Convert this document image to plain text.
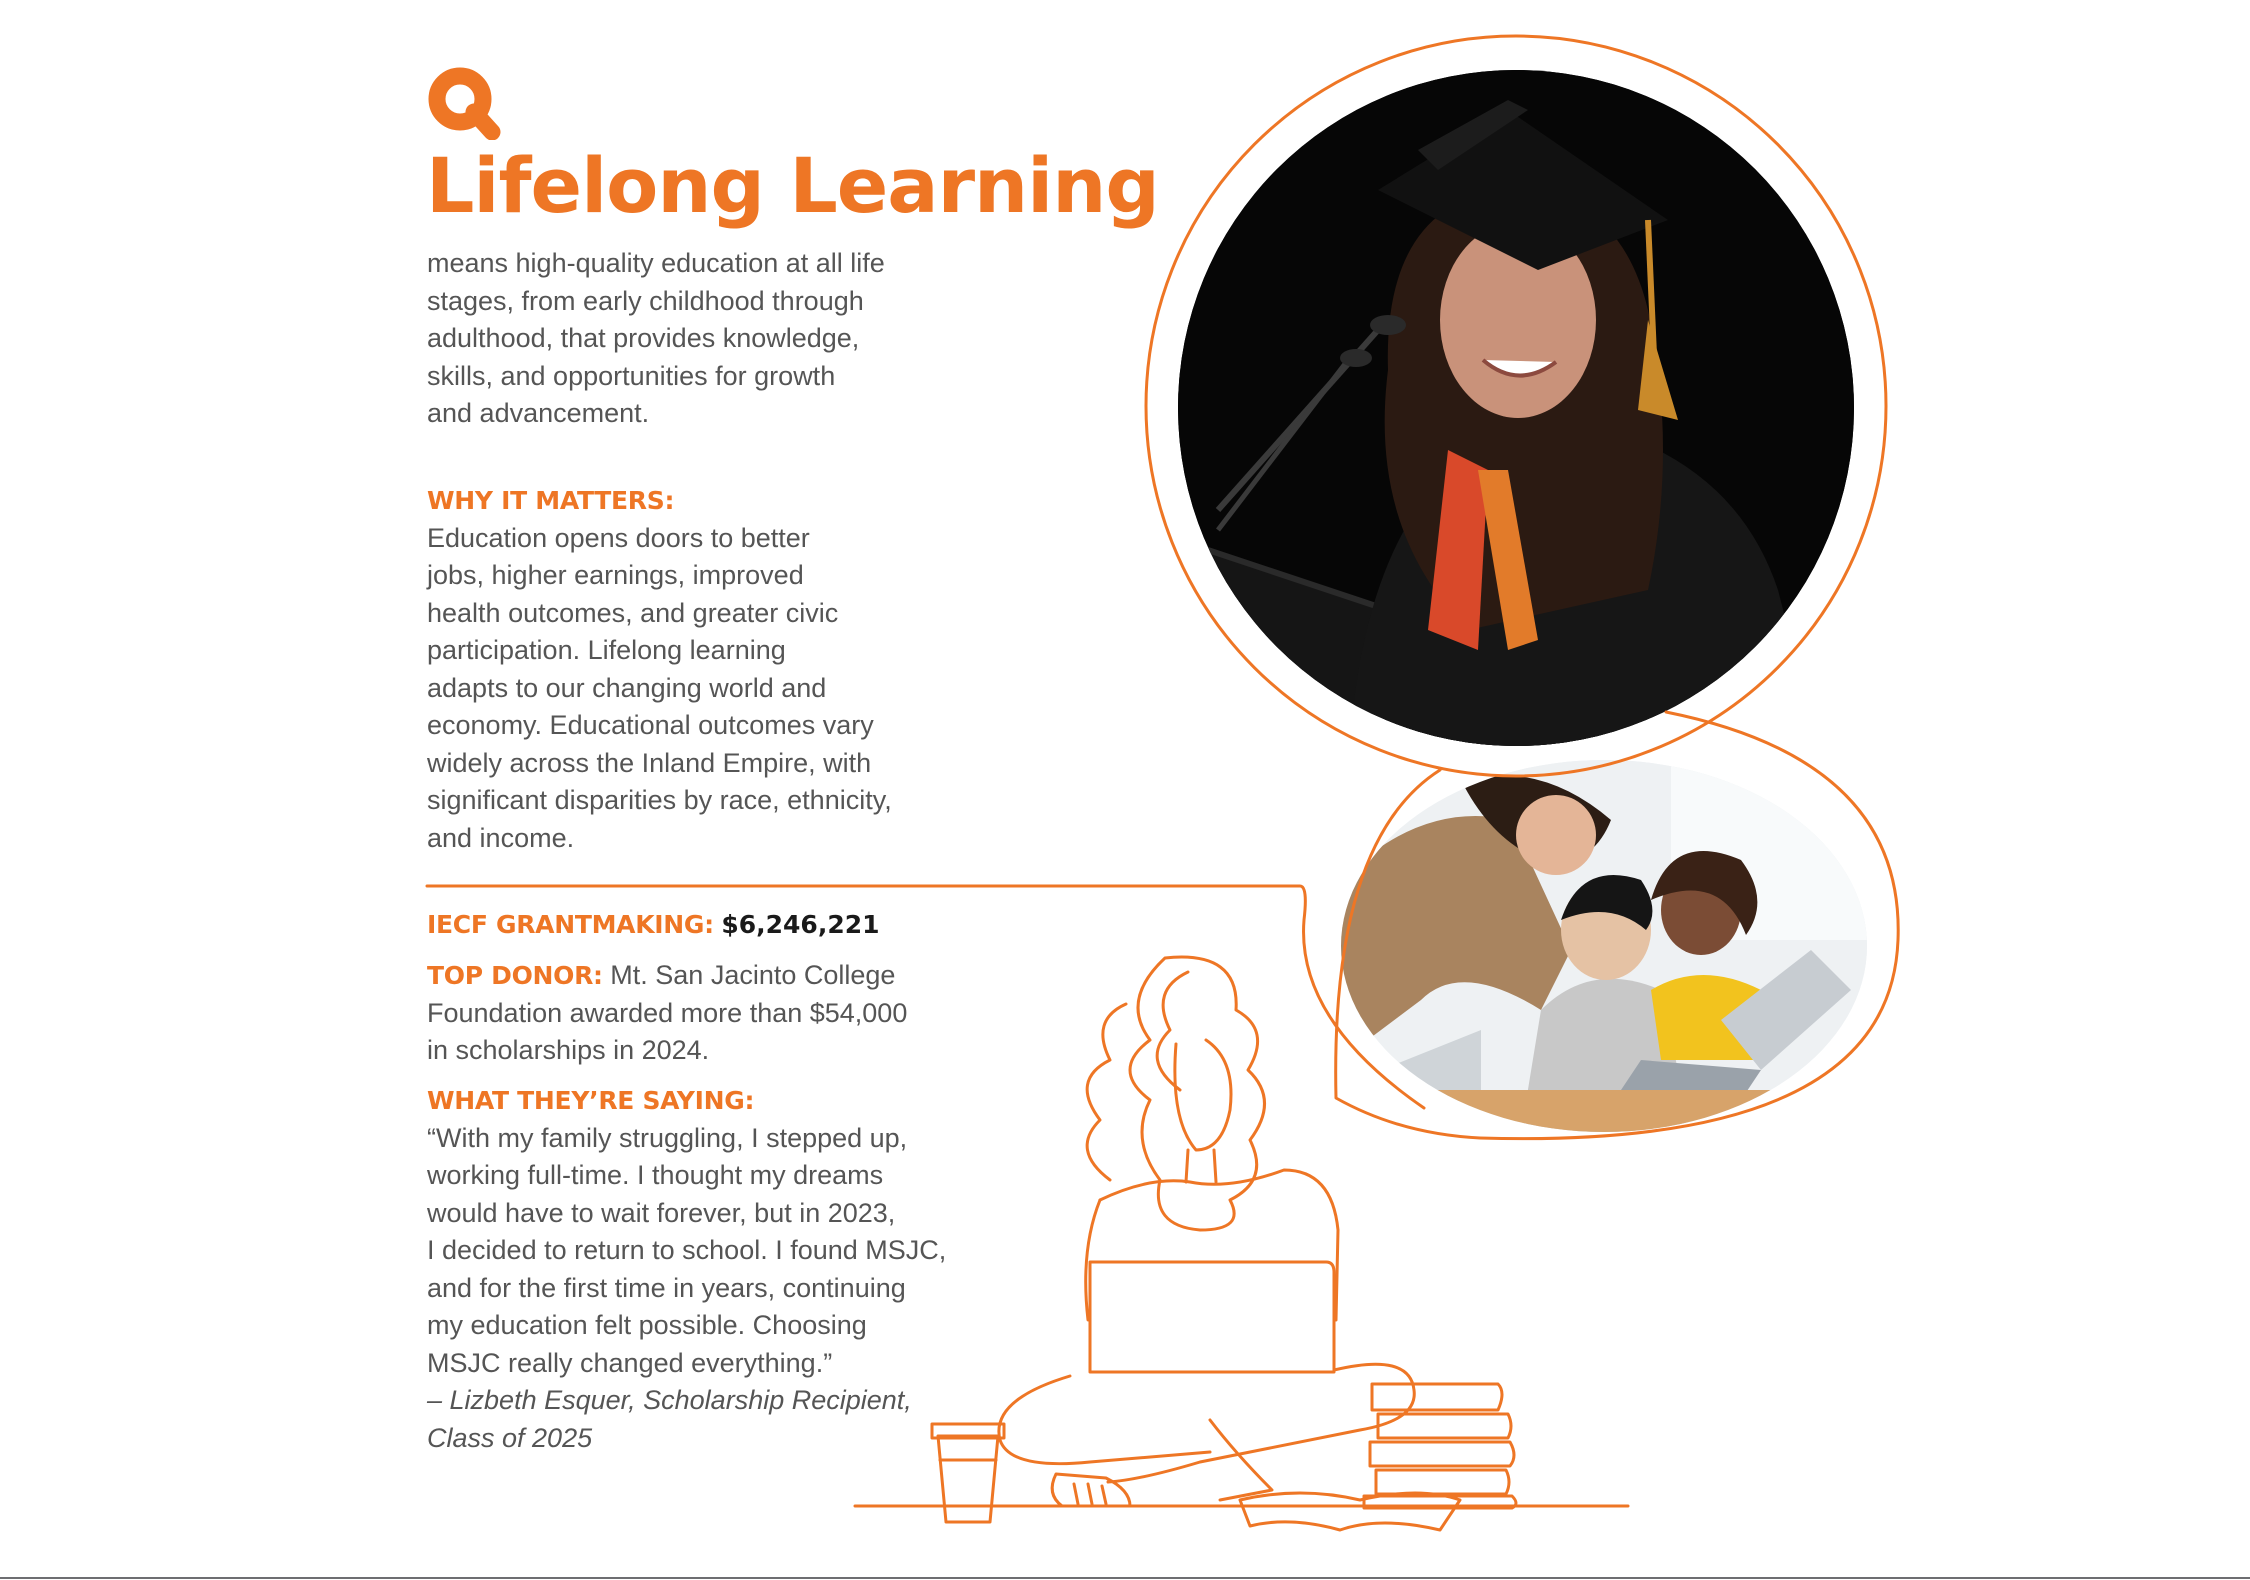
Lifelong Learning
means high-quality education at all life
stages, from early childhood through
adulthood, that provides knowledge,
skills, and opportunities for growth
and advancement.
WHY IT MATTERS:
Education opens doors to better
jobs, higher earnings, improved
health outcomes, and greater civic
participation. Lifelong learning
adapts to our changing world and
economy. Educational outcomes vary
widely across the Inland Empire, with
significant disparities by race, ethnicity,
and income.
IECF GRANTMAKING: $6,246,221
TOP DONOR: Mt. San Jacinto College
Foundation awarded more than $54,000
in scholarships in 2024.
WHAT THEY’RE SAYING:
“With my family struggling, I stepped up,
working full-time. I thought my dreams
would have to wait forever, but in 2023,
I decided to return to school. I found MSJC,
and for the first time in years, continuing
my education felt possible. Choosing
MSJC really changed everything.”
– Lizbeth Esquer, Scholarship Recipient,
Class of 2025
